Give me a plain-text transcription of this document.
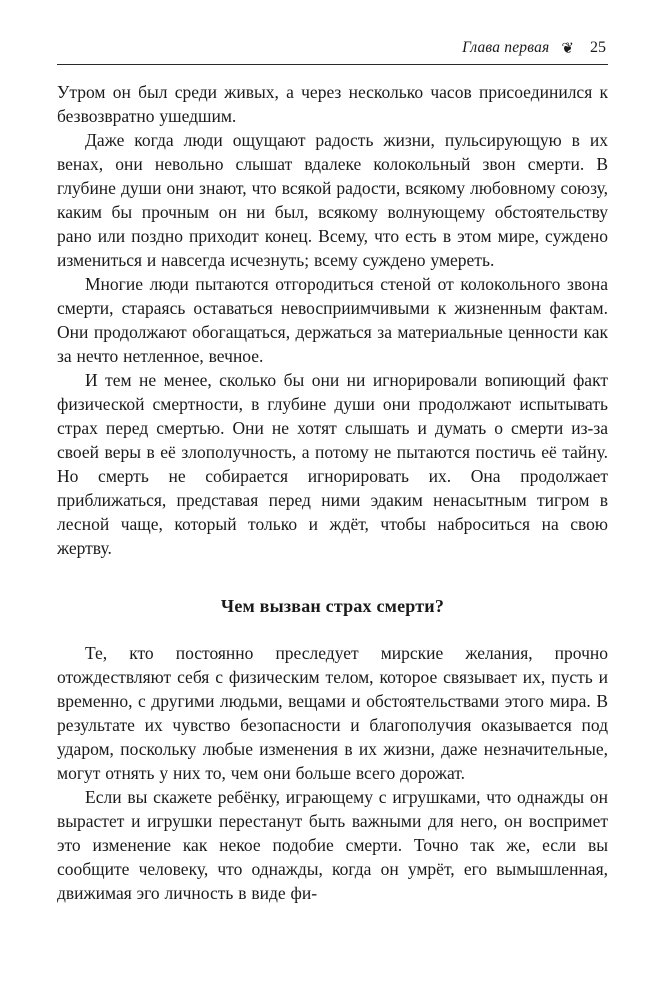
Глава первая ❦ 25

Утром он был среди живых, а через несколько часов присоединился к безвозвратно ушедшим.

Даже когда люди ощущают радость жизни, пульсирующую в их венах, они невольно слышат вдалеке колокольный звон смерти. В глубине души они знают, что всякой радости, всякому любовному союзу, каким бы прочным он ни был, всякому волнующему обстоятельству рано или поздно приходит конец. Всему, что есть в этом мире, суждено измениться и навсегда исчезнуть; всему суждено умереть.

Многие люди пытаются отгородиться стеной от колокольного звона смерти, стараясь оставаться невосприимчивыми к жизненным фактам. Они продолжают обогащаться, держаться за материальные ценности как за нечто нетленное, вечное.

И тем не менее, сколько бы они ни игнорировали вопиющий факт физической смертности, в глубине души они продолжают испытывать страх перед смертью. Они не хотят слышать и думать о смерти из-за своей веры в её злополучность, а потому не пытаются постичь её тайну. Но смерть не собирается игнорировать их. Она продолжает приближаться, представая перед ними эдаким ненасытным тигром в лесной чаще, который только и ждёт, чтобы наброситься на свою жертву.

Чем вызван страх смерти?

Те, кто постоянно преследует мирские желания, прочно отождествляют себя с физическим телом, которое связывает их, пусть и временно, с другими людьми, вещами и обстоятельствами этого мира. В результате их чувство безопасности и благополучия оказывается под ударом, поскольку любые изменения в их жизни, даже незначительные, могут отнять у них то, чем они больше всего дорожат.

Если вы скажете ребёнку, играющему с игрушками, что однажды он вырастет и игрушки перестанут быть важными для него, он воспримет это изменение как некое подобие смерти. Точно так же, если вы сообщите человеку, что однажды, когда он умрёт, его вымышленная, движимая эго личность в виде фи-
